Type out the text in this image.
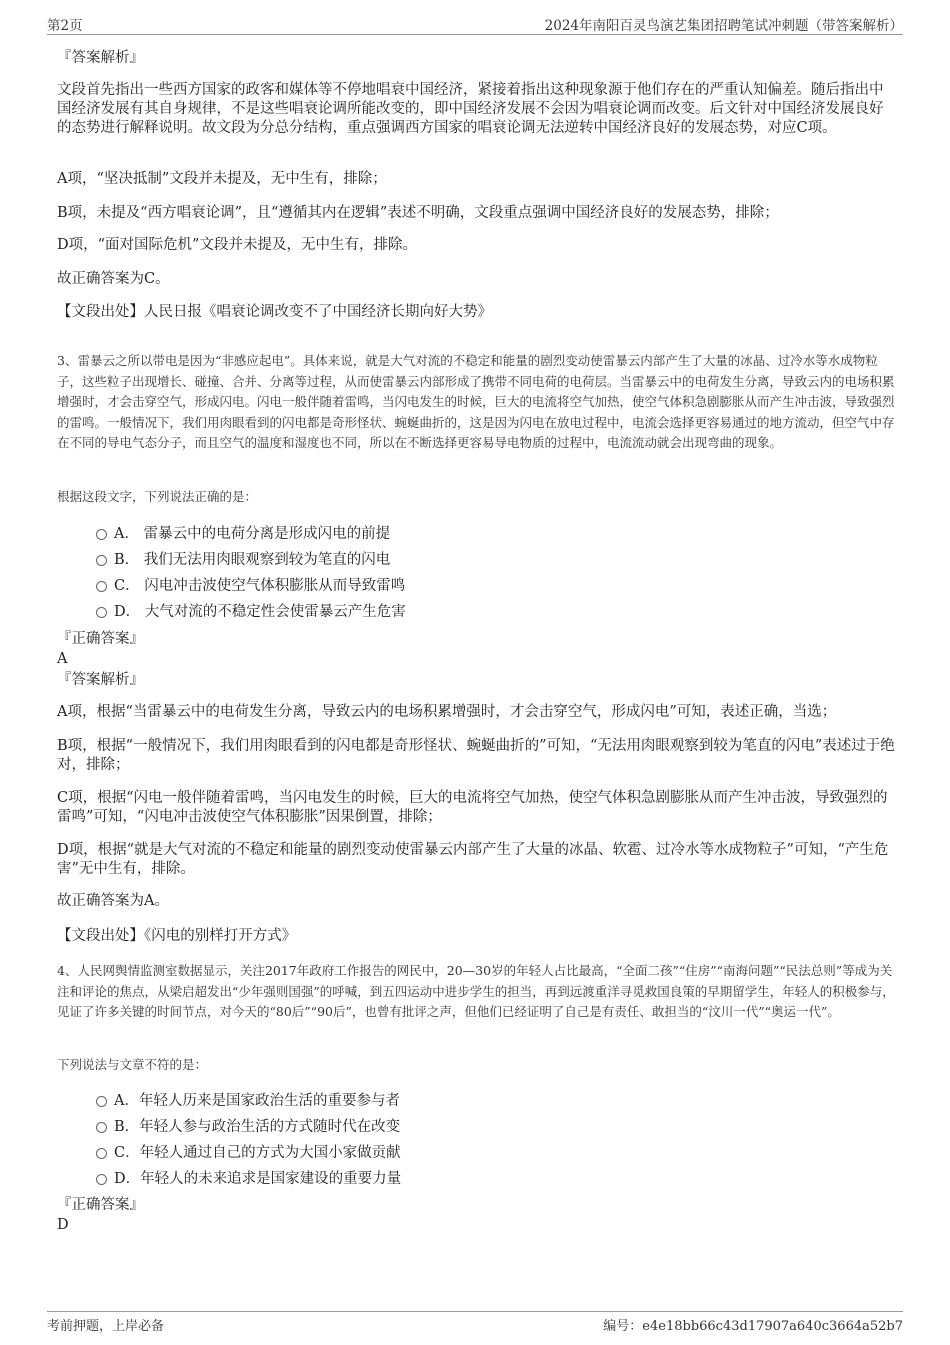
第2页	2024年南阳百灵鸟演艺集团招聘笔试冲刺题（带答案解析）
『答案解析』
文段首先指出一些西方国家的政客和媒体等不停地唱衰中国经济，紧接着指出这种现象源于他们存在的严重认知偏差。随后指出中国经济发展有其自身规律，不是这些唱衰论调所能改变的，即中国经济发展不会因为唱衰论调而改变。后文针对中国经济发展良好的态势进行解释说明。故文段为分总分结构，重点强调西方国家的唱衰论调无法逆转中国经济良好的发展态势，对应C项。
A项，“坚决抵制”文段并未提及，无中生有，排除；
B项，未提及“西方唱衰论调”，且“遵循其内在逻辑”表述不明确，文段重点强调中国经济良好的发展态势，排除；
D项，“面对国际危机”文段并未提及，无中生有，排除。
故正确答案为C。
【文段出处】人民日报《唱衰论调改变不了中国经济长期向好大势》
3、雷暴云之所以带电是因为“非感应起电”。具体来说，就是大气对流的不稳定和能量的剧烈变动使雷暴云内部产生了大量的冰晶、过冷水等水成物粒子，这些粒子出现增长、碰撞、合并、分离等过程，从而使雷暴云内部形成了携带不同电荷的电荷层。当雷暴云中的电荷发生分离，导致云内的电场积累增强时，才会击穿空气，形成闪电。闪电一般伴随着雷鸣，当闪电发生的时候，巨大的电流将空气加热，使空气体积急剧膨胀从而产生冲击波，导致强烈的雷鸣。一般情况下，我们用肉眼看到的闪电都是奇形怪状、蜿蜒曲折的，这是因为闪电在放电过程中，电流会选择更容易通过的地方流动，但空气中存在不同的导电气态分子，而且空气的温度和湿度也不同，所以在不断选择更容易导电物质的过程中，电流流动就会出现弯曲的现象。
根据这段文字，下列说法正确的是：
A． 雷暴云中的电荷分离是形成闪电的前提
B． 我们无法用肉眼观察到较为笔直的闪电
C． 闪电冲击波使空气体积膨胀从而导致雷鸣
D． 大气对流的不稳定性会使雷暴云产生危害
『正确答案』
A
『答案解析』
A项，根据“当雷暴云中的电荷发生分离，导致云内的电场积累增强时，才会击穿空气，形成闪电”可知，表述正确，当选；
B项，根据“一般情况下，我们用肉眼看到的闪电都是奇形怪状、蜿蜒曲折的”可知，“无法用肉眼观察到较为笔直的闪电”表述过于绝对，排除；
C项，根据“闪电一般伴随着雷鸣，当闪电发生的时候，巨大的电流将空气加热，使空气体积急剧膨胀从而产生冲击波，导致强烈的雷鸣”可知，“闪电冲击波使空气体积膨胀”因果倒置，排除；
D项，根据“就是大气对流的不稳定和能量的剧烈变动使雷暴云内部产生了大量的冰晶、软雹、过冷水等水成物粒子”可知，“产生危害”无中生有，排除。
故正确答案为A。
【文段出处】《闪电的别样打开方式》
4、人民网舆情监测室数据显示，关注2017年政府工作报告的网民中，20—30岁的年轻人占比最高，“全面二孩”“住房”“南海问题”“民法总则”等成为关注和评论的焦点，从梁启超发出“少年强则国强”的呼喊，到五四运动中进步学生的担当，再到远渡重洋寻觅救国良策的早期留学生，年轻人的积极参与，见证了许多关键的时间节点，对今天的“80后”“90后”，也曾有批评之声，但他们已经证明了自己是有责任、敢担当的“汶川一代”“奥运一代”。
下列说法与文章不符的是：
A．年轻人历来是国家政治生活的重要参与者
B．年轻人参与政治生活的方式随时代在改变
C．年轻人通过自己的方式为大国小家做贡献
D．年轻人的未来追求是国家建设的重要力量
『正确答案』
D
考前押题，上岸必备	编号：e4e18bb66c43d17907a640c3664a52b7
